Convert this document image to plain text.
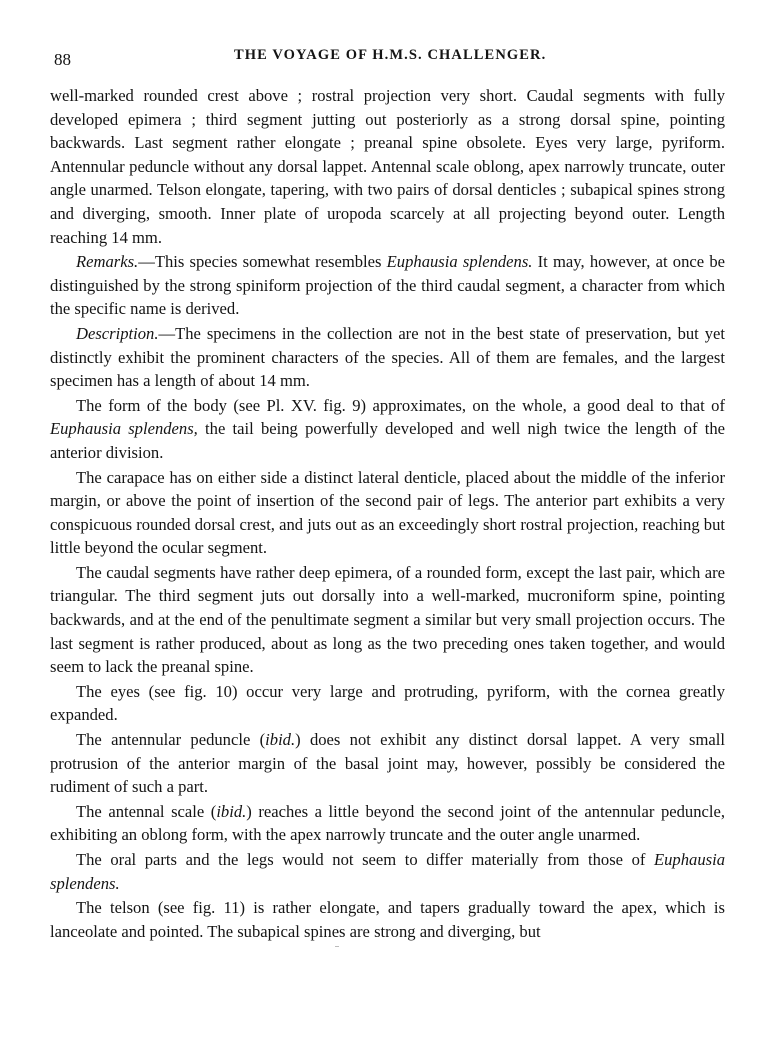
88	THE VOYAGE OF H.M.S. CHALLENGER.

well-marked rounded crest above ; rostral projection very short. Caudal segments with fully developed epimera ; third segment jutting out posteriorly as a strong dorsal spine, pointing backwards. Last segment rather elongate ; preanal spine obsolete. Eyes very large, pyriform. Antennular peduncle without any dorsal lappet. Antennal scale oblong, apex narrowly truncate, outer angle unarmed. Telson elongate, tapering, with two pairs of dorsal denticles ; subapical spines strong and diverging, smooth. Inner plate of uropoda scarcely at all projecting beyond outer. Length reaching 14 mm.

Remarks.—This species somewhat resembles Euphausia splendens. It may, however, at once be distinguished by the strong spiniform projection of the third caudal segment, a character from which the specific name is derived.

Description.—The specimens in the collection are not in the best state of preservation, but yet distinctly exhibit the prominent characters of the species. All of them are females, and the largest specimen has a length of about 14 mm.

The form of the body (see Pl. XV. fig. 9) approximates, on the whole, a good deal to that of Euphausia splendens, the tail being powerfully developed and well nigh twice the length of the anterior division.

The carapace has on either side a distinct lateral denticle, placed about the middle of the inferior margin, or above the point of insertion of the second pair of legs. The anterior part exhibits a very conspicuous rounded dorsal crest, and juts out as an exceedingly short rostral projection, reaching but little beyond the ocular segment.

The caudal segments have rather deep epimera, of a rounded form, except the last pair, which are triangular. The third segment juts out dorsally into a well-marked, mucroniform spine, pointing backwards, and at the end of the penultimate segment a similar but very small projection occurs. The last segment is rather produced, about as long as the two preceding ones taken together, and would seem to lack the preanal spine.

The eyes (see fig. 10) occur very large and protruding, pyriform, with the cornea greatly expanded.

The antennular peduncle (ibid.) does not exhibit any distinct dorsal lappet. A very small protrusion of the anterior margin of the basal joint may, however, possibly be considered the rudiment of such a part.

The antennal scale (ibid.) reaches a little beyond the second joint of the antennular peduncle, exhibiting an oblong form, with the apex narrowly truncate and the outer angle unarmed.

The oral parts and the legs would not seem to differ materially from those of Euphausia splendens.

The telson (see fig. 11) is rather elongate, and tapers gradually toward the apex, which is lanceolate and pointed. The subapical spines are strong and diverging, but
